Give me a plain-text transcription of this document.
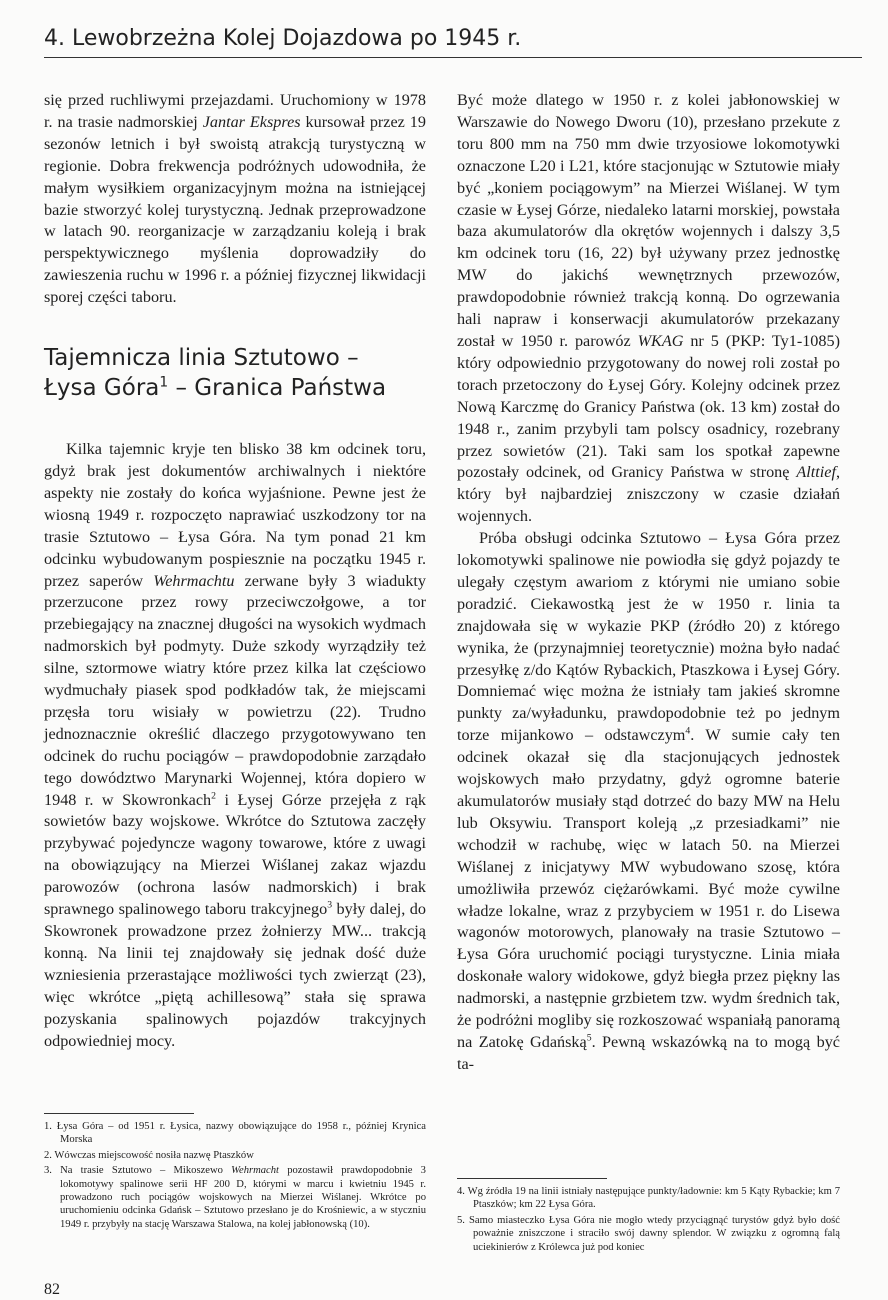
4. Lewobrzeżna Kolej Dojazdowa po 1945 r.

się przed ruchliwymi przejazdami. Uruchomiony w 1978 r. na trasie nadmorskiej Jantar Ekspres kursował przez 19 sezonów letnich i był swoistą atrakcją turystyczną w regionie. Dobra frekwencja podróżnych udowodniła, że małym wysiłkiem organizacyjnym można na istniejącej bazie stworzyć kolej turystyczną. Jednak przeprowadzone w latach 90. reorganizacje w zarządzaniu koleją i brak perspektywicznego myślenia doprowadziły do zawieszenia ruchu w 1996 r. a później fizycznej likwidacji sporej części taboru.

Tajemnicza linia Sztutowo –
Łysa Góra$^1$ – Granica Państwa

Kilka tajemnic kryje ten blisko 38 km odcinek toru, gdyż brak jest dokumentów archiwalnych i niektóre aspekty nie zostały do końca wyjaśnione. Pewne jest że wiosną 1949 r. rozpoczęto naprawiać uszkodzony tor na trasie Sztutowo – Łysa Góra. Na tym ponad 21 km odcinku wybudowanym pospiesznie na początku 1945 r. przez saperów Wehrmachtu zerwane były 3 wiadukty przerzucone przez rowy przeciwczołgowe, a tor przebiegający na znacznej długości na wysokich wydmach nadmorskich był podmyty. Duże szkody wyrządziły też silne, sztormowe wiatry które przez kilka lat częściowo wydmuchały piasek spod podkładów tak, że miejscami przęsła toru wisiały w powietrzu (22). Trudno jednoznacznie określić dlaczego przygotowywano ten odcinek do ruchu pociągów – prawdopodobnie zarządało tego dowództwo Marynarki Wojennej, która dopiero w 1948 r. w Skowronkach$^2$ i Łysej Górze przejęła z rąk sowietów bazy wojskowe. Wkrótce do Sztutowa zaczęły przybywać pojedyncze wagony towarowe, które z uwagi na obowiązujący na Mierzei Wiślanej zakaz wjazdu parowozów (ochrona lasów nadmorskich) i brak sprawnego spalinowego taboru trakcyjnego$^3$ były dalej, do Skowronek prowadzone przez żołnierzy MW... trakcją konną. Na linii tej znajdowały się jednak dość duże wzniesienia przerastające możliwości tych zwierząt (23), więc wkrótce „piętą achillesową” stała się sprawa pozyskania spalinowych pojazdów trakcyjnych odpowiedniej mocy.

1. Łysa Góra – od 1951 r. Łysica, nazwy obowiązujące do 1958 r., później Krynica Morska

2. Wówczas miejscowość nosiła nazwę Ptaszków

3. Na trasie Sztutowo – Mikoszewo Wehrmacht pozostawił prawdopodobnie 3 lokomotywy spalinowe serii HF 200 D, którymi w marcu i kwietniu 1945 r. prowadzono ruch pociągów wojskowych na Mierzei Wiślanej. Wkrótce po uruchomieniu odcinka Gdańsk – Sztutowo przesłano je do Krośniewic, a w styczniu 1949 r. przybyły na stację Warszawa Stalowa, na kolej jabłonowską (10).

Być może dlatego w 1950 r. z kolei jabłonowskiej w Warszawie do Nowego Dworu (10), przesłano przekute z toru 800 mm na 750 mm dwie trzyosiowe lokomotywki oznaczone L20 i L21, które stacjonując w Sztutowie miały być „koniem pociągowym” na Mierzei Wiślanej. W tym czasie w Łysej Górze, niedaleko latarni morskiej, powstała baza akumulatorów dla okrętów wojennych i dalszy 3,5 km odcinek toru (16, 22) był używany przez jednostkę MW do jakichś wewnętrznych przewozów, prawdopodobnie również trakcją konną. Do ogrzewania hali napraw i konserwacji akumulatorów przekazany został w 1950 r. parowóz WKAG nr 5 (PKP: Ty1-1085) który odpowiednio przygotowany do nowej roli został po torach przetoczony do Łysej Góry. Kolejny odcinek przez Nową Karczmę do Granicy Państwa (ok. 13 km) został do 1948 r., zanim przybyli tam polscy osadnicy, rozebrany przez sowietów (21). Taki sam los spotkał zapewne pozostały odcinek, od Granicy Państwa w stronę Alttief, który był najbardziej zniszczony w czasie działań wojennych.

Próba obsługi odcinka Sztutowo – Łysa Góra przez lokomotywki spalinowe nie powiodła się gdyż pojazdy te ulegały częstym awariom z którymi nie umiano sobie poradzić. Ciekawostką jest że w 1950 r. linia ta znajdowała się w wykazie PKP (źródło 20) z którego wynika, że (przynajmniej teoretycznie) można było nadać przesyłkę z/do Kątów Rybackich, Ptaszkowa i Łysej Góry. Domniemać więc można że istniały tam jakieś skromne punkty za/wyładunku, prawdopodobnie też po jednym torze mijankowo – odstawczym$^4$. W sumie cały ten odcinek okazał się dla stacjonujących jednostek wojskowych mało przydatny, gdyż ogromne baterie akumulatorów musiały stąd dotrzeć do bazy MW na Helu lub Oksywiu. Transport koleją „z przesiadkami” nie wchodził w rachubę, więc w latach 50. na Mierzei Wiślanej z inicjatywy MW wybudowano szosę, która umożliwiła przewóz ciężarówkami. Być może cywilne władze lokalne, wraz z przybyciem w 1951 r. do Lisewa wagonów motorowych, planowały na trasie Sztutowo – Łysa Góra uruchomić pociągi turystyczne. Linia miała doskonałe walory widokowe, gdyż biegła przez piękny las nadmorski, a następnie grzbietem tzw. wydm średnich tak, że podróżni mogliby się rozkoszować wspaniałą panoramą na Zatokę Gdańską$^5$. Pewną wskazówką na to mogą być ta-

4. Wg źródła 19 na linii istniały następujące punkty/ładownie: km 5 Kąty Rybackie; km 7 Ptaszków; km 22 Łysa Góra.

5. Samo miasteczko Łysa Góra nie mogło wtedy przyciągnąć turystów gdyż było dość poważnie zniszczone i straciło swój dawny splendor. W związku z ogromną falą uciekinierów z Królewca już pod koniec

82
